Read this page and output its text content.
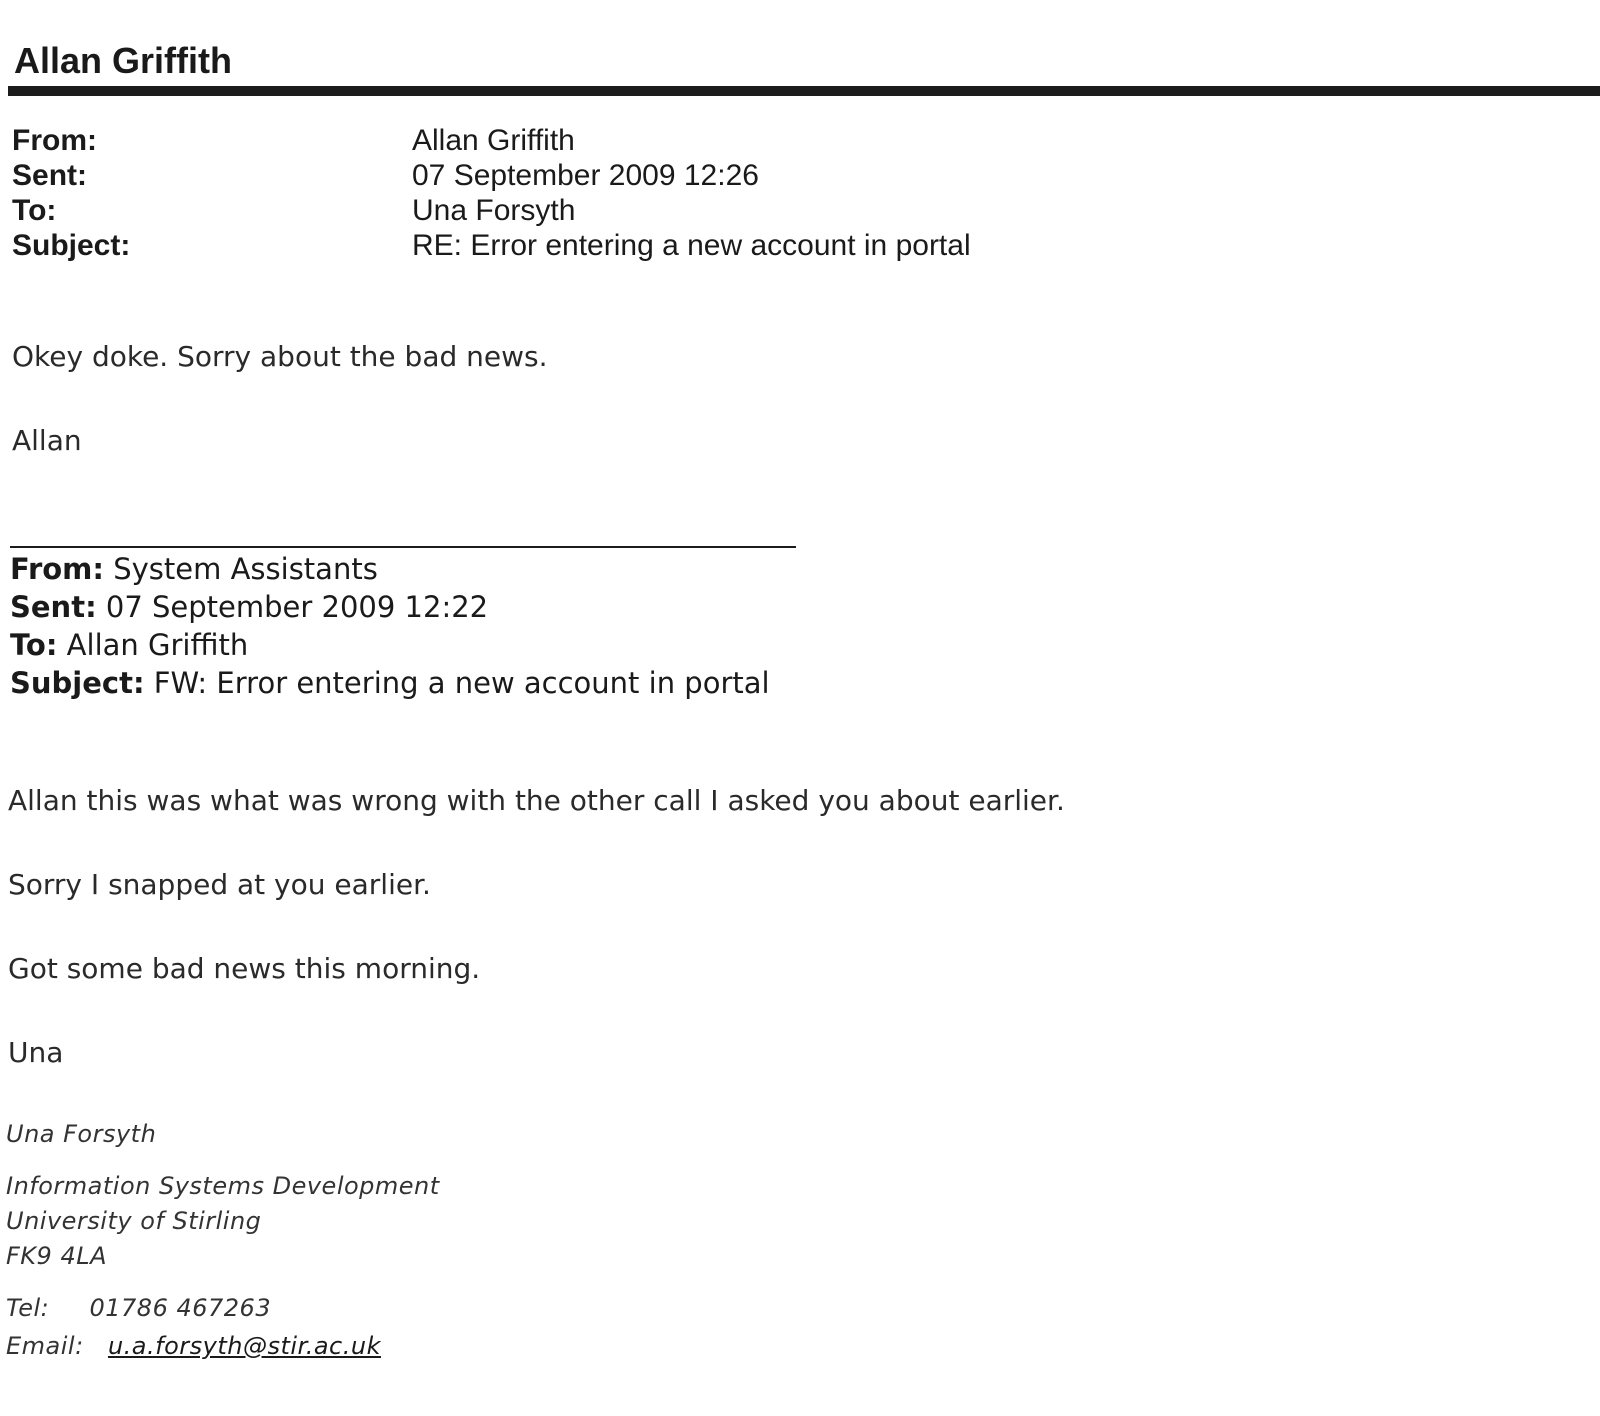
Allan Griffith
From:	Allan Griffith
Sent:	07 September 2009 12:26
To:	Una Forsyth
Subject:	RE: Error entering a new account in portal
Okey doke. Sorry about the bad news.
Allan
From: System Assistants
Sent: 07 September 2009 12:22
To: Allan Griffith
Subject: FW: Error entering a new account in portal
Allan this was what was wrong with the other call I asked you about earlier.
Sorry I snapped at you earlier.
Got some bad news this morning.
Una
Una Forsyth
Information Systems Development
University of Stirling
FK9 4LA
Tel: 01786 467263
Email: u.a.forsyth@stir.ac.uk
